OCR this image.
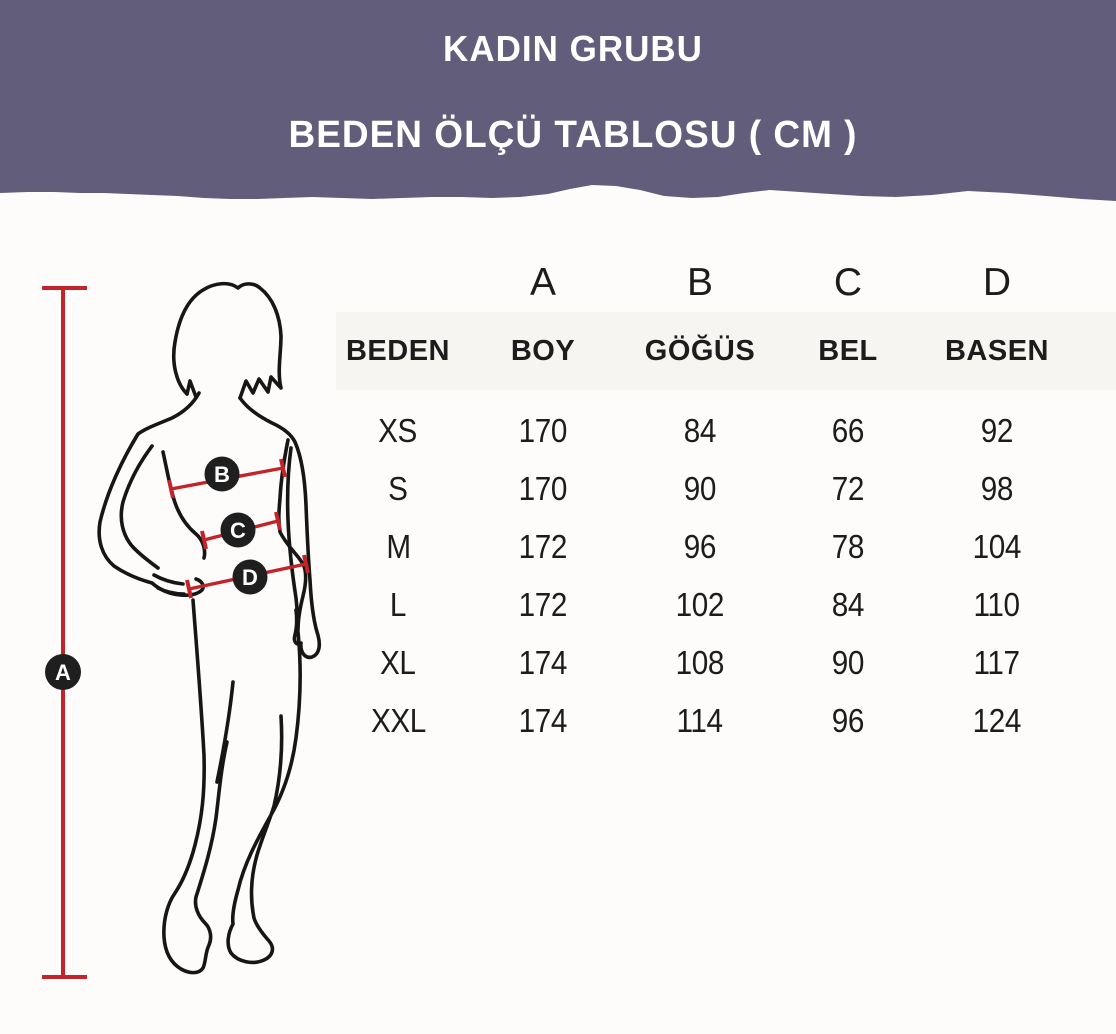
KADIN GRUBU
BEDEN ÖLÇÜ TABLOSU ( CM )
A
B
C
D
A	B	C	D
BEDEN	BOY	GÖĞÜS	BEL	BASEN
XS	170	84	66	92
S	170	90	72	98
M	172	96	78	104
L	172	102	84	110
XL	174	108	90	117
XXL	174	114	96	124
